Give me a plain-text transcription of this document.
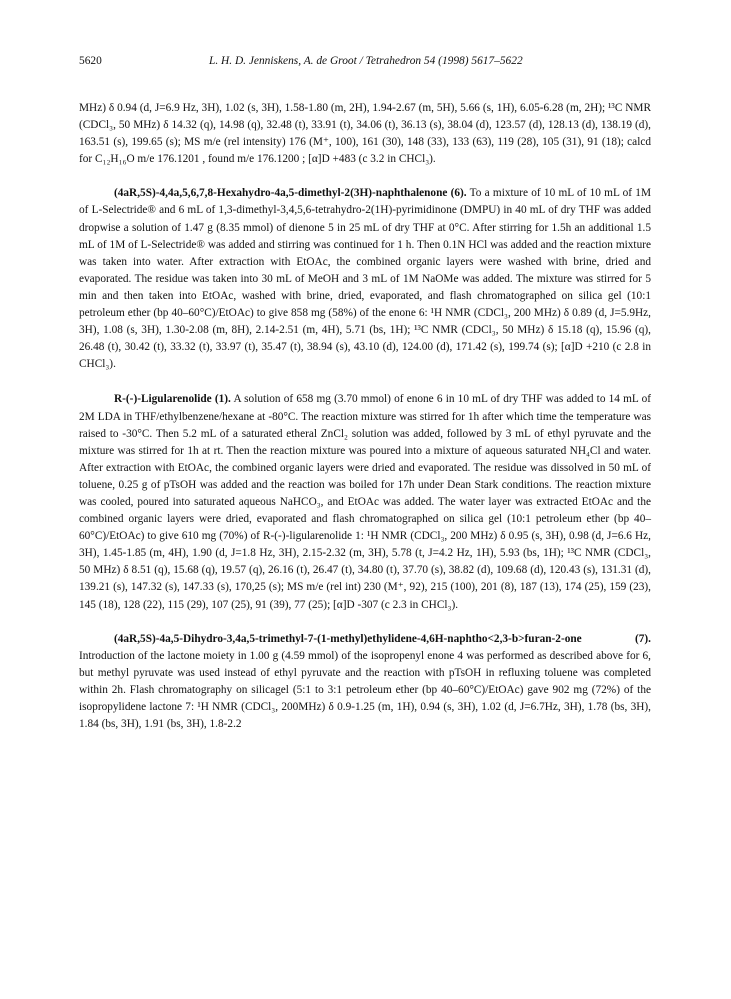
5620	L. H. D. Jenniskens, A. de Groot / Tetrahedron 54 (1998) 5617–5622

MHz) δ 0.94 (d, J=6.9 Hz, 3H), 1.02 (s, 3H), 1.58-1.80 (m, 2H), 1.94-2.67 (m, 5H), 5.66 (s, 1H), 6.05-6.28 (m, 2H); ¹³C NMR (CDCl₃, 50 MHz) δ 14.32 (q), 14.98 (q), 32.48 (t), 33.91 (t), 34.06 (t), 36.13 (s), 38.04 (d), 123.57 (d), 128.13 (d), 138.19 (d), 163.51 (s), 199.65 (s); MS m/e (rel intensity) 176 (M⁺, 100), 161 (30), 148 (33), 133 (63), 119 (28), 105 (31), 91 (18); calcd for C₁₂H₁₆O m/e 176.1201 , found m/e 176.1200 ; [α]D +483 (c 3.2 in CHCl₃).

(4aR,5S)-4,4a,5,6,7,8-Hexahydro-4a,5-dimethyl-2(3H)-naphthalenone (6). To a mixture of 10 mL of 10 mL of 1M of L-Selectride® and 6 mL of 1,3-dimethyl-3,4,5,6-tetrahydro-2(1H)-pyrimidinone (DMPU) in 40 mL of dry THF was added dropwise a solution of 1.47 g (8.35 mmol) of dienone 5 in 25 mL of dry THF at 0°C. After stirring for 1.5h an additional 1.5 mL of 1M of L-Selectride® was added and stirring was continued for 1 h. Then 0.1N HCl was added and the reaction mixture was taken into water. After extraction with EtOAc, the combined organic layers were washed with brine, dried and evaporated. The residue was taken into 30 mL of MeOH and 3 mL of 1M NaOMe was added. The mixture was stirred for 5 min and then taken into EtOAc, washed with brine, dried, evaporated, and flash chromatographed on silica gel (10:1 petroleum ether (bp 40–60°C)/EtOAc) to give 858 mg (58%) of the enone 6: ¹H NMR (CDCl₃, 200 MHz) δ 0.89 (d, J=5.9Hz, 3H), 1.08 (s, 3H), 1.30-2.08 (m, 8H), 2.14-2.51 (m, 4H), 5.71 (bs, 1H); ¹³C NMR (CDCl₃, 50 MHz) δ 15.18 (q), 15.96 (q), 26.48 (t), 30.42 (t), 33.32 (t), 33.97 (t), 35.47 (t), 38.94 (s), 43.10 (d), 124.00 (d), 171.42 (s), 199.74 (s); [α]D +210 (c 2.8 in CHCl₃).

R-(-)-Ligularenolide (1). A solution of 658 mg (3.70 mmol) of enone 6 in 10 mL of dry THF was added to 14 mL of 2M LDA in THF/ethylbenzene/hexane at -80°C. The reaction mixture was stirred for 1h after which time the temperature was raised to -30°C. Then 5.2 mL of a saturated etheral ZnCl₂ solution was added, followed by 3 mL of ethyl pyruvate and the mixture was stirred for 1h at rt. Then the reaction mixture was poured into a mixture of aqueous saturated NH₄Cl and water. After extraction with EtOAc, the combined organic layers were dried and evaporated. The residue was dissolved in 50 mL of toluene, 0.25 g of pTsOH was added and the reaction was boiled for 17h under Dean Stark conditions. The reaction mixture was cooled, poured into saturated aqueous NaHCO₃, and EtOAc was added. The water layer was extracted EtOAc and the combined organic layers were dried, evaporated and flash chromatographed on silica gel (10:1 petroleum ether (bp 40–60°C)/EtOAc) to give 610 mg (70%) of R-(-)-ligularenolide 1: ¹H NMR (CDCl₃, 200 MHz) δ 0.95 (s, 3H), 0.98 (d, J=6.6 Hz, 3H), 1.45-1.85 (m, 4H), 1.90 (d, J=1.8 Hz, 3H), 2.15-2.32 (m, 3H), 5.78 (t, J=4.2 Hz, 1H), 5.93 (bs, 1H); ¹³C NMR (CDCl₃, 50 MHz) δ 8.51 (q), 15.68 (q), 19.57 (q), 26.16 (t), 26.47 (t), 34.80 (t), 37.70 (s), 38.82 (d), 109.68 (d), 120.43 (s), 131.31 (d), 139.21 (s), 147.32 (s), 147.33 (s), 170,25 (s); MS m/e (rel int) 230 (M⁺, 92), 215 (100), 201 (8), 187 (13), 174 (25), 159 (23), 145 (18), 128 (22), 115 (29), 107 (25), 91 (39), 77 (25); [α]D -307 (c 2.3 in CHCl₃).

(4aR,5S)-4a,5-Dihydro-3,4a,5-trimethyl-7-(1-methyl)ethylidene-4,6H-naphtho<2,3-b>furan-2-one (7). Introduction of the lactone moiety in 1.00 g (4.59 mmol) of the isopropenyl enone 4 was performed as described above for 6, but methyl pyruvate was used instead of ethyl pyruvate and the reaction with pTsOH in refluxing toluene was completed within 2h. Flash chromatography on silicagel (5:1 to 3:1 petroleum ether (bp 40–60°C)/EtOAc) gave 902 mg (72%) of the isopropylidene lactone 7: ¹H NMR (CDCl₃, 200MHz) δ 0.9-1.25 (m, 1H), 0.94 (s, 3H), 1.02 (d, J=6.7Hz, 3H), 1.78 (bs, 3H), 1.84 (bs, 3H), 1.91 (bs, 3H), 1.8-2.2
